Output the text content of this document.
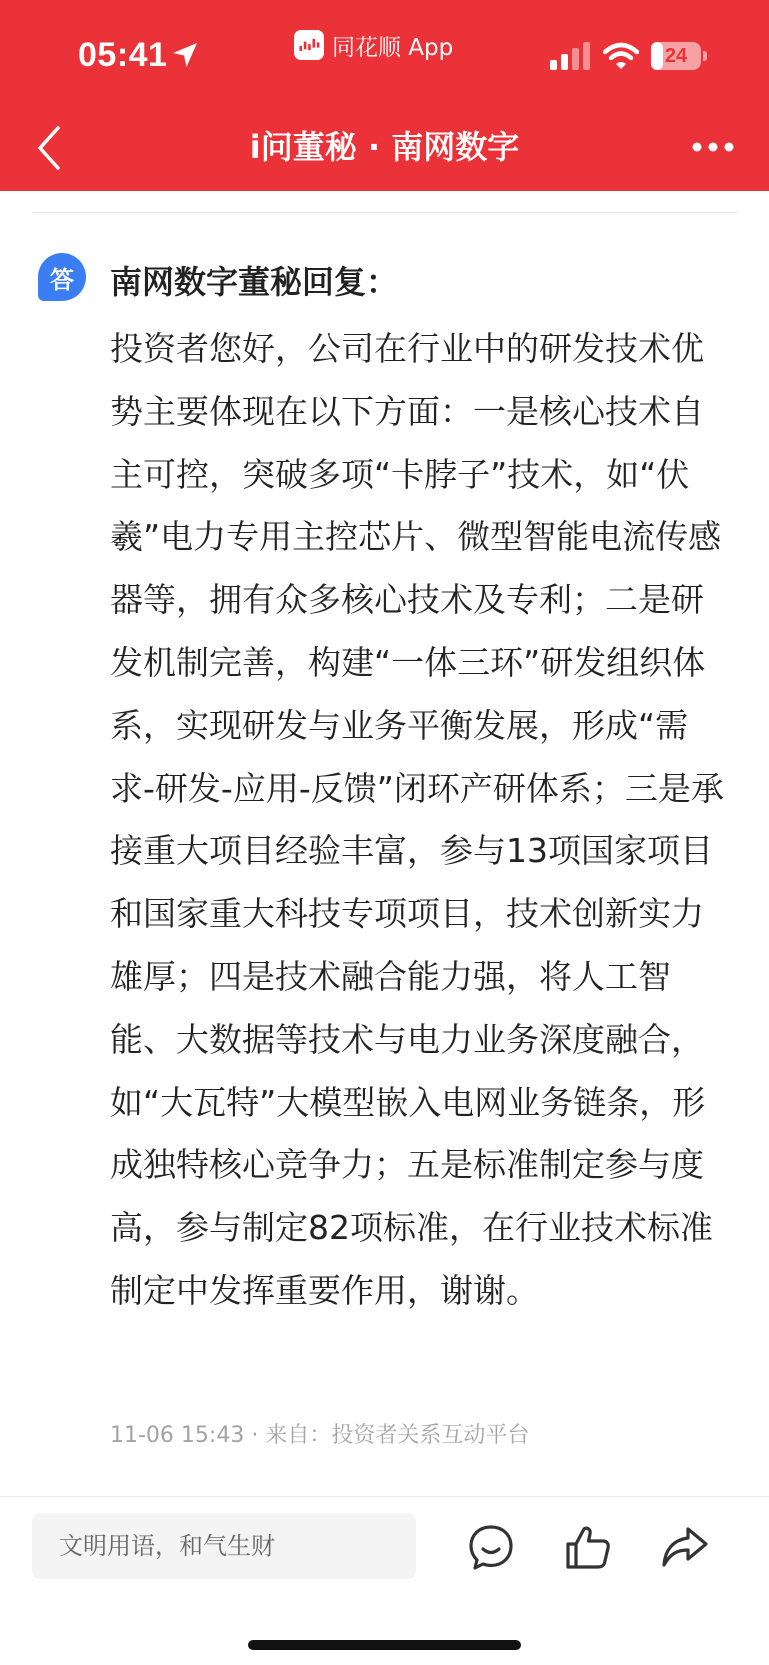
05:41	同花顺 App	24
i问董秘 · 南网数字
答	南网数字董秘回复：
投资者您好，公司在行业中的研发技术优势主要体现在以下方面：一是核心技术自主可控，突破多项“卡脖子”技术，如“伏羲”电力专用主控芯片、微型智能电流传感器等，拥有众多核心技术及专利；二是研发机制完善，构建“一体三环”研发组织体系，实现研发与业务平衡发展，形成“需求-研发-应用-反馈”闭环产研体系；三是承接重大项目经验丰富，参与13项国家项目和国家重大科技专项项目，技术创新实力雄厚；四是技术融合能力强，将人工智能、大数据等技术与电力业务深度融合，如“大瓦特”大模型嵌入电网业务链条，形成独特核心竞争力；五是标准制定参与度高，参与制定82项标准，在行业技术标准制定中发挥重要作用，谢谢。
11-06 15:43 · 来自：投资者关系互动平台
文明用语，和气生财
